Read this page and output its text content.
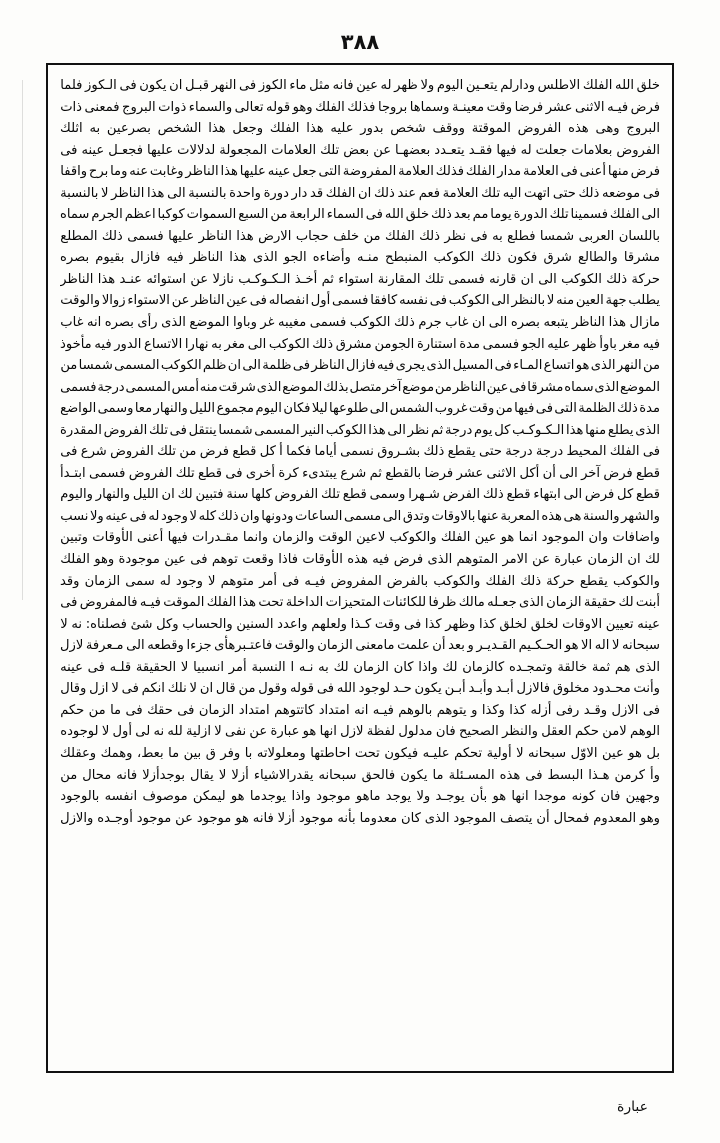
٣٨٨
خلق
الله
الفلك
الاطلس
ودارلم
يتعـين
اليوم
ولا
ظهر
له
عين
فانه
مثل
ماء
الكوز
فى
النهر
قبـل
ان
يكون
فى
الـكوز
فلما
فرض
فيـه
الاثنى
عشر
فرضا
وقت
معينـة
وسماها
بروجا
فذلك
الفلك
وهو
قوله
تعالى
والسماء
ذوات
البروج
فمعنى
ذات
البروج
وهى
هذه
الفروض
الموقتة
ووقف
شخص
بدور
عليه
هذا
الفلك
وجعل
هذا
الشخص
بصرعين
به
اثلك
الفروض
بعلامات
جعلت
له
فيها
فقـد
يتعـدد
بعضهـا
عن
بعض
تلك
العلامات
المجعولة
لدلالات
عليها
فجعـل
عينه
فى
فرض
منها
أعنى
فى
العلامة
مدار
الفلك
فذلك
العلامة
المفروضة
التى
جعل
عينه
عليها
هذا
الناظر
وغابت
عنه
وما
برح
واقفا
فى
موضعه
ذلك
حتى
اتهت
اليه
تلك
العلامة
فعم
عند
ذلك
ان
الفلك
قد
دار
دورة
واحدة
بالنسبة
الى
هذا
الناظر
لا
بالنسبة
الى
الفلك
فسمينا
تلك
الدورة
يوما
مم
بعد
ذلك
خلق
الله
فى
السماء
الرابعة
من
السبع
السموات
كوكبا
اعظم
الجرم
سماه
باللسان
العربى
شمسا
فطلع
به
فى
نظر
ذلك
الفلك
من
خلف
حجاب
الارض
هذا
الناظر
عليها
فسمى
ذلك
المطلع
مشرقا
والطالع
شرق
فكون
ذلك
الكوكب
المنبطح
منـه
وأضاءه
الجو
الذى
هذا
الناظر
فيه
فازال
بقيوم
بصره
حركة
ذلك
الكوكب
الى
ان
قارنه
فسمى
تلك
المقارنة
استواء
ثم
أخـذ
الـكـوكـب
نازلا
عن
استوائه
عنـد
هذا
الناظر
يطلب
جهة
العين
منه
لا
بالنظر
الى
الكوكب
فى
نفسه
كافقا
فسمى
أول
انفصاله
فى
عين
الناظر
عن
الاستواء
زوالا
والوقت
مازال
هذا
الناظر
يتبعه
بصره
الى
ان
غاب
جرم
ذلك
الكوكب
فسمى
مغيبه
غر
وباوا
الموضع
الذى
رأى
بصره
انه
غاب
فيه
مغر
باوأ
ظهر
عليه
الجو
فسمى
مدة
استنارة
الجومن
مشرق
ذلك
الكوكب
الى
مغر
به
نهارا
الاتساع
الدور
فيه
مأخوذ
من
النهر
الذى
هو
اتساع
المـاء
فى
المسيل
الذى
يجرى
فيه
فازال
الناظر
فى
ظلمة
الى
ان
ظلم
الكوكب
المسمى
شمسا
من
الموضع
الذى
سماه
مشرقا
فى
عين
الناظر
من
موضع
آخر
متصل
بذلك
الموضع
الذى
شرقت
منه
أمس
المسمى
درجة
فسمى
مدة
ذلك
الظلمة
التى
فى
فيها
من
وقت
غروب
الشمس
الى
طلوعها
ليلا
فكان
اليوم
مجموع
الليل
والنهار
معا
وسمى
الواضع
الذى
يطلع
منها
هذا
الـكـوكـب
كل
يوم
درجة
ثم
نظر
الى
هذا
الكوكب
النير
المسمى
شمسا
ينتقل
فى
تلك
الفروض
المقدرة
فى
الفلك
المحيط
درجة
درجة
حتى
يقطع
ذلك
بشـروق
نسمى
أياما
فكما
أ
كل
قطع
فرض
من
تلك
الفروض
شرع
فى
قطع
فرض
آخر
الى
أن
أكل
الاثنى
عشر
فرضا
بالقطع
ثم
شرع
يبتدىء
كرة
أخرى
فى
قطع
تلك
الفروض
فسمى
ابتـدأ
قطع
كل
فرض
الى
ابتهاء
قطع
ذلك
الفرض
شـهرا
وسمى
قطع
تلك
الفروض
كلها
سنة
فتبين
لك
ان
الليل
والنهار
واليوم
والشهر
والسنة
هى
هذه
المعربة
عنها
بالاوقات
وتدق
الى
مسمى
الساعات
ودونها
وان
ذلك
كله
لا
وجود
له
فى
عينه
ولا
نسب
واضافات
وان
الموجود
انما
هو
عين
الفلك
والكوكب
لاعين
الوقت
والزمان
وانما
مقـدرات
فيها
أعنى
الأوقات
وتبين
لك
ان
الزمان
عبارة
عن
الامر
المتوهم
الذى
فرض
فيه
هذه
الأوقات
فاذا
وقعت
توهم
فى
عين
موجودة
وهو
الفلك
والكوكب
يقطع
حركة
ذلك
الفلك
والكوكب
بالفرض
المفروض
فيـه
فى
أمر
متوهم
لا
وجود
له
سمى
الزمان
وقد
أبنت
لك
حقيقة
الزمان
الذى
جعـله
مالك
ظرفا
للكائنات
المتحيزات
الداخلة
تحت
هذا
الفلك
الموقت
فيـه
فالمفروض
فى
عينه
تعيين
الاوقات
لخلق
لخلق
كذا
وظهر
كذا
فى
وقت
كـذا
ولعلهم
واعدد
السنين
والحساب
وكل
شئ
فصلناه:
نه
لا
سبحانه
لا
اله
الا
هو
الحـكـيم
القـديـر
و
بعد
أن
علمت
مامعنى
الزمان
والوقت
فاعتـبرهأى
جزءا
وقطعه
الى
مـعرفة
لازل
الذى
هم
ثمة
خالقة
وتمجـده
كالزمان
لك
واذا
كان
الزمان
لك
به
نـه
ا
النسبة
أمر
انسبيا
لا
الحقيقة
قلـه
فى
عينه
وأنت
محـدود
مخلوق
فالازل
أبـد
وأبـد
أبـن
يكون
حـد
لوجود
الله
فى
قوله
وقول
من
قال
ان
لا
نلك
انكم
فى
لا
ازل
وقال
فى
الازل
وقـد
رفى
أزله
كذا
وكذا
و
يتوهم
بالوهم
فيـه
انه
امتداد
كاتتوهم
امتداد
الزمان
فى
حقك
فى
ما
من
حكم
الوهم
لامن
حكم
العقل
والنظر
الصحيح
فان
مدلول
لفظة
لازل
انها
هو
عبارة
عن
نفى
لا
ازلية
لله
نه
لى
أول
لا
لوجوده
بل
هو
عين
الاوّل
سبحانه
لا
أولية
تحكم
عليـه
فيكون
تحت
احاطتها
ومعلولاته
با
وفر
ق
بين
ما
بعط،
وهمك
وعقلك
وأ
كرمن
هـذا
البسط
فى
هذه
المسـئلة
ما
يكون
فالحق
سبحانه
يقدرالاشياء
أزلا
لا
يقال
بوجدأزلا
فانه
محال
من
وجهين
فان
كونه
موجدا
انها
هو
بأن
يوجـد
ولا
يوجد
ماهو
موجود
واذا
يوجدما
هو
ليمكن
موصوف
انفسه
بالوجود
وهو
المعدوم
فمحال
أن
يتصف
الموجود
الذى
كان
معدوما
بأنه
موجود
أزلا
فانه
هو
موجود
عن
موجود
أوجـده
والازل
عبارة
